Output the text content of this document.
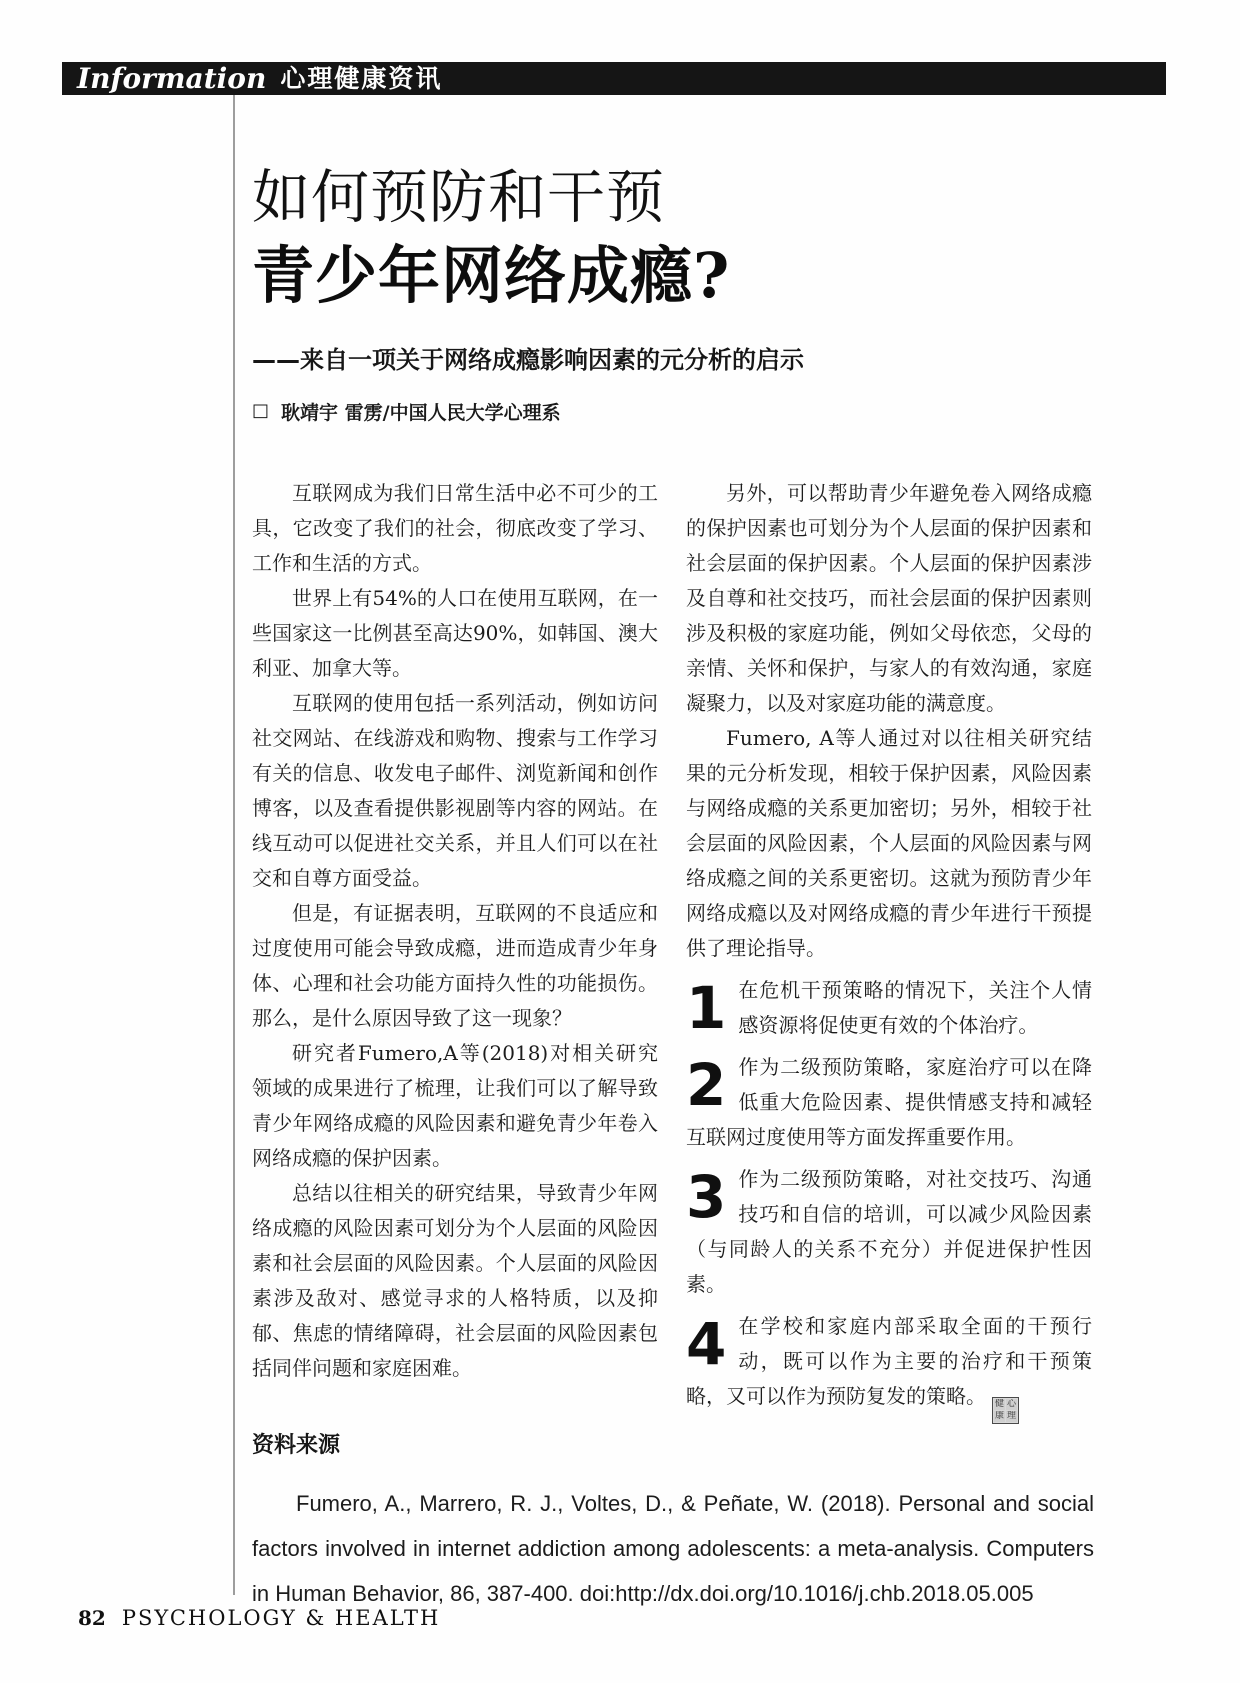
Information 心理健康资讯
如何预防和干预
青少年网络成瘾?
——来自一项关于网络成瘾影响因素的元分析的启示
□ 耿靖宇 雷雳/中国人民大学心理系

互联网成为我们日常生活中必不可少的工具，它改变了我们的社会，彻底改变了学习、工作和生活的方式。

世界上有54%的人口在使用互联网，在一些国家这一比例甚至高达90%，如韩国、澳大利亚、加拿大等。

互联网的使用包括一系列活动，例如访问社交网站、在线游戏和购物、搜索与工作学习有关的信息、收发电子邮件、浏览新闻和创作博客，以及查看提供影视剧等内容的网站。在线互动可以促进社交关系，并且人们可以在社交和自尊方面受益。

但是，有证据表明，互联网的不良适应和过度使用可能会导致成瘾，进而造成青少年身体、心理和社会功能方面持久性的功能损伤。那么，是什么原因导致了这一现象？

研究者Fumero,A等(2018)对相关研究领域的成果进行了梳理，让我们可以了解导致青少年网络成瘾的风险因素和避免青少年卷入网络成瘾的保护因素。

总结以往相关的研究结果，导致青少年网络成瘾的风险因素可划分为个人层面的风险因素和社会层面的风险因素。个人层面的风险因素涉及敌对、感觉寻求的人格特质，以及抑郁、焦虑的情绪障碍，社会层面的风险因素包括同伴问题和家庭困难。

另外，可以帮助青少年避免卷入网络成瘾的保护因素也可划分为个人层面的保护因素和社会层面的保护因素。个人层面的保护因素涉及自尊和社交技巧，而社会层面的保护因素则涉及积极的家庭功能，例如父母依恋，父母的亲情、关怀和保护，与家人的有效沟通，家庭凝聚力，以及对家庭功能的满意度。

Fumero, A等人通过对以往相关研究结果的元分析发现，相较于保护因素，风险因素与网络成瘾的关系更加密切；另外，相较于社会层面的风险因素，个人层面的风险因素与网络成瘾之间的关系更密切。这就为预防青少年网络成瘾以及对网络成瘾的青少年进行干预提供了理论指导。

1 在危机干预策略的情况下，关注个人情感资源将促使更有效的个体治疗。
2 作为二级预防策略，家庭治疗可以在降低重大危险因素、提供情感支持和减轻互联网过度使用等方面发挥重要作用。
3 作为二级预防策略，对社交技巧、沟通技巧和自信的培训，可以减少风险因素（与同龄人的关系不充分）并促进保护性因素。
4 在学校和家庭内部采取全面的干预行动，既可以作为主要的治疗和干预策略，又可以作为预防复发的策略。 健 心
康 理
资料来源

Fumero, A., Marrero, R. J., Voltes, D., & Peñate, W. (2018). Personal and social factors involved in internet addiction among adolescents: a meta-analysis. Computers in Human Behavior, 86, 387-400. doi:http://dx.doi.org/10.1016/j.chb.2018.05.005

82 PSYCHOLOGY & HEALTH
